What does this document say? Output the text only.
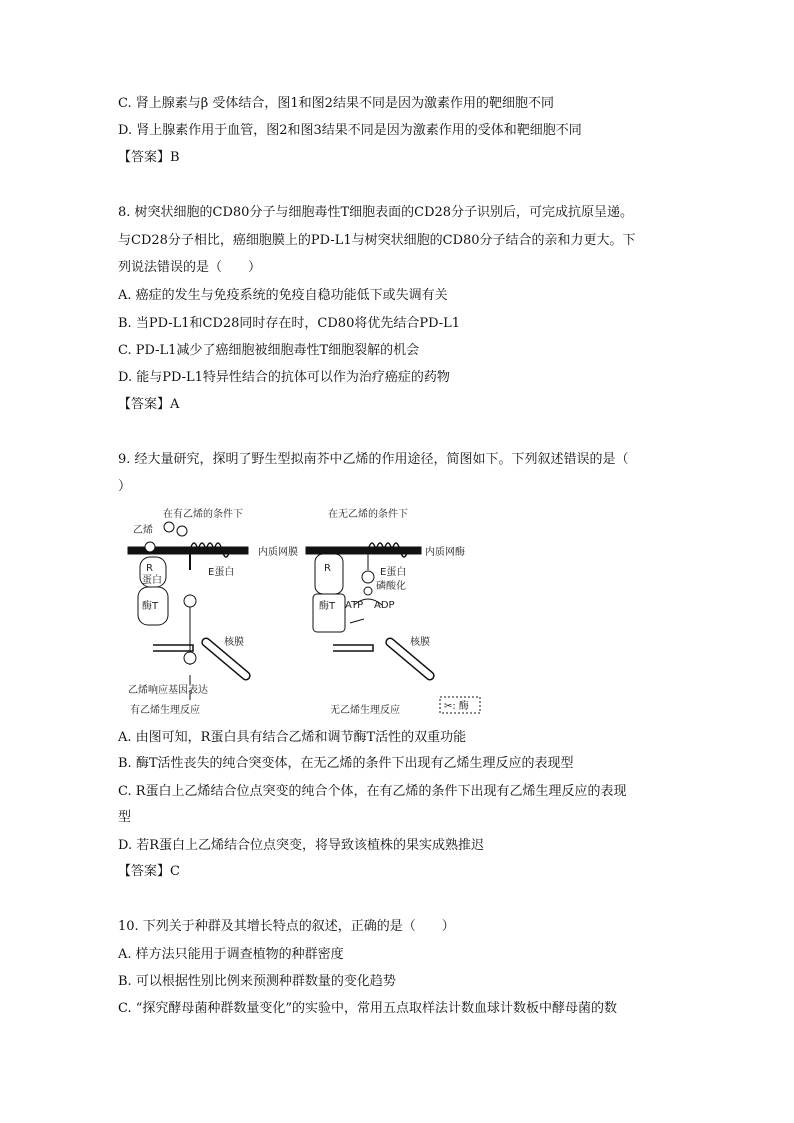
C. 肾上腺素与β 受体结合，图1和图2结果不同是因为激素作用的靶细胞不同
D. 肾上腺素作用于血管，图2和图3结果不同是因为激素作用的受体和靶细胞不同
【答案】B
8. 树突状细胞的CD80分子与细胞毒性T细胞表面的CD28分子识别后，可完成抗原呈递。
与CD28分子相比，癌细胞膜上的PD-L1与树突状细胞的CD80分子结合的亲和力更大。下
列说法错误的是（　　）
A. 癌症的发生与免疫系统的免疫自稳功能低下或失调有关
B. 当PD-L1和CD28同时存在时，CD80将优先结合PD-L1
C. PD-L1减少了癌细胞被细胞毒性T细胞裂解的机会
D. 能与PD-L1特异性结合的抗体可以作为治疗癌症的药物
【答案】A
9. 经大量研究，探明了野生型拟南芥中乙烯的作用途径，简图如下。下列叙述错误的是（
）
在有乙烯的条件下
乙烯
R
蛋白
酶T
E蛋白
内质网膜
核膜
乙烯响应基因表达
有乙烯生理反应
在无乙烯的条件下
内质网酶
R
酶T
E蛋白
磷酸化
ATP ADP
核膜
无乙烯生理反应	✂: 酶
A. 由图可知，R蛋白具有结合乙烯和调节酶T活性的双重功能
B. 酶T活性丧失的纯合突变体，在无乙烯的条件下出现有乙烯生理反应的表现型
C. R蛋白上乙烯结合位点突变的纯合个体，在有乙烯的条件下出现有乙烯生理反应的表现
型
D. 若R蛋白上乙烯结合位点突变，将导致该植株的果实成熟推迟
【答案】C
10. 下列关于种群及其增长特点的叙述，正确的是（　　）
A. 样方法只能用于调查植物的种群密度
B. 可以根据性别比例来预测种群数量的变化趋势
C. “探究酵母菌种群数量变化”的实验中，常用五点取样法计数血球计数板中酵母菌的数
